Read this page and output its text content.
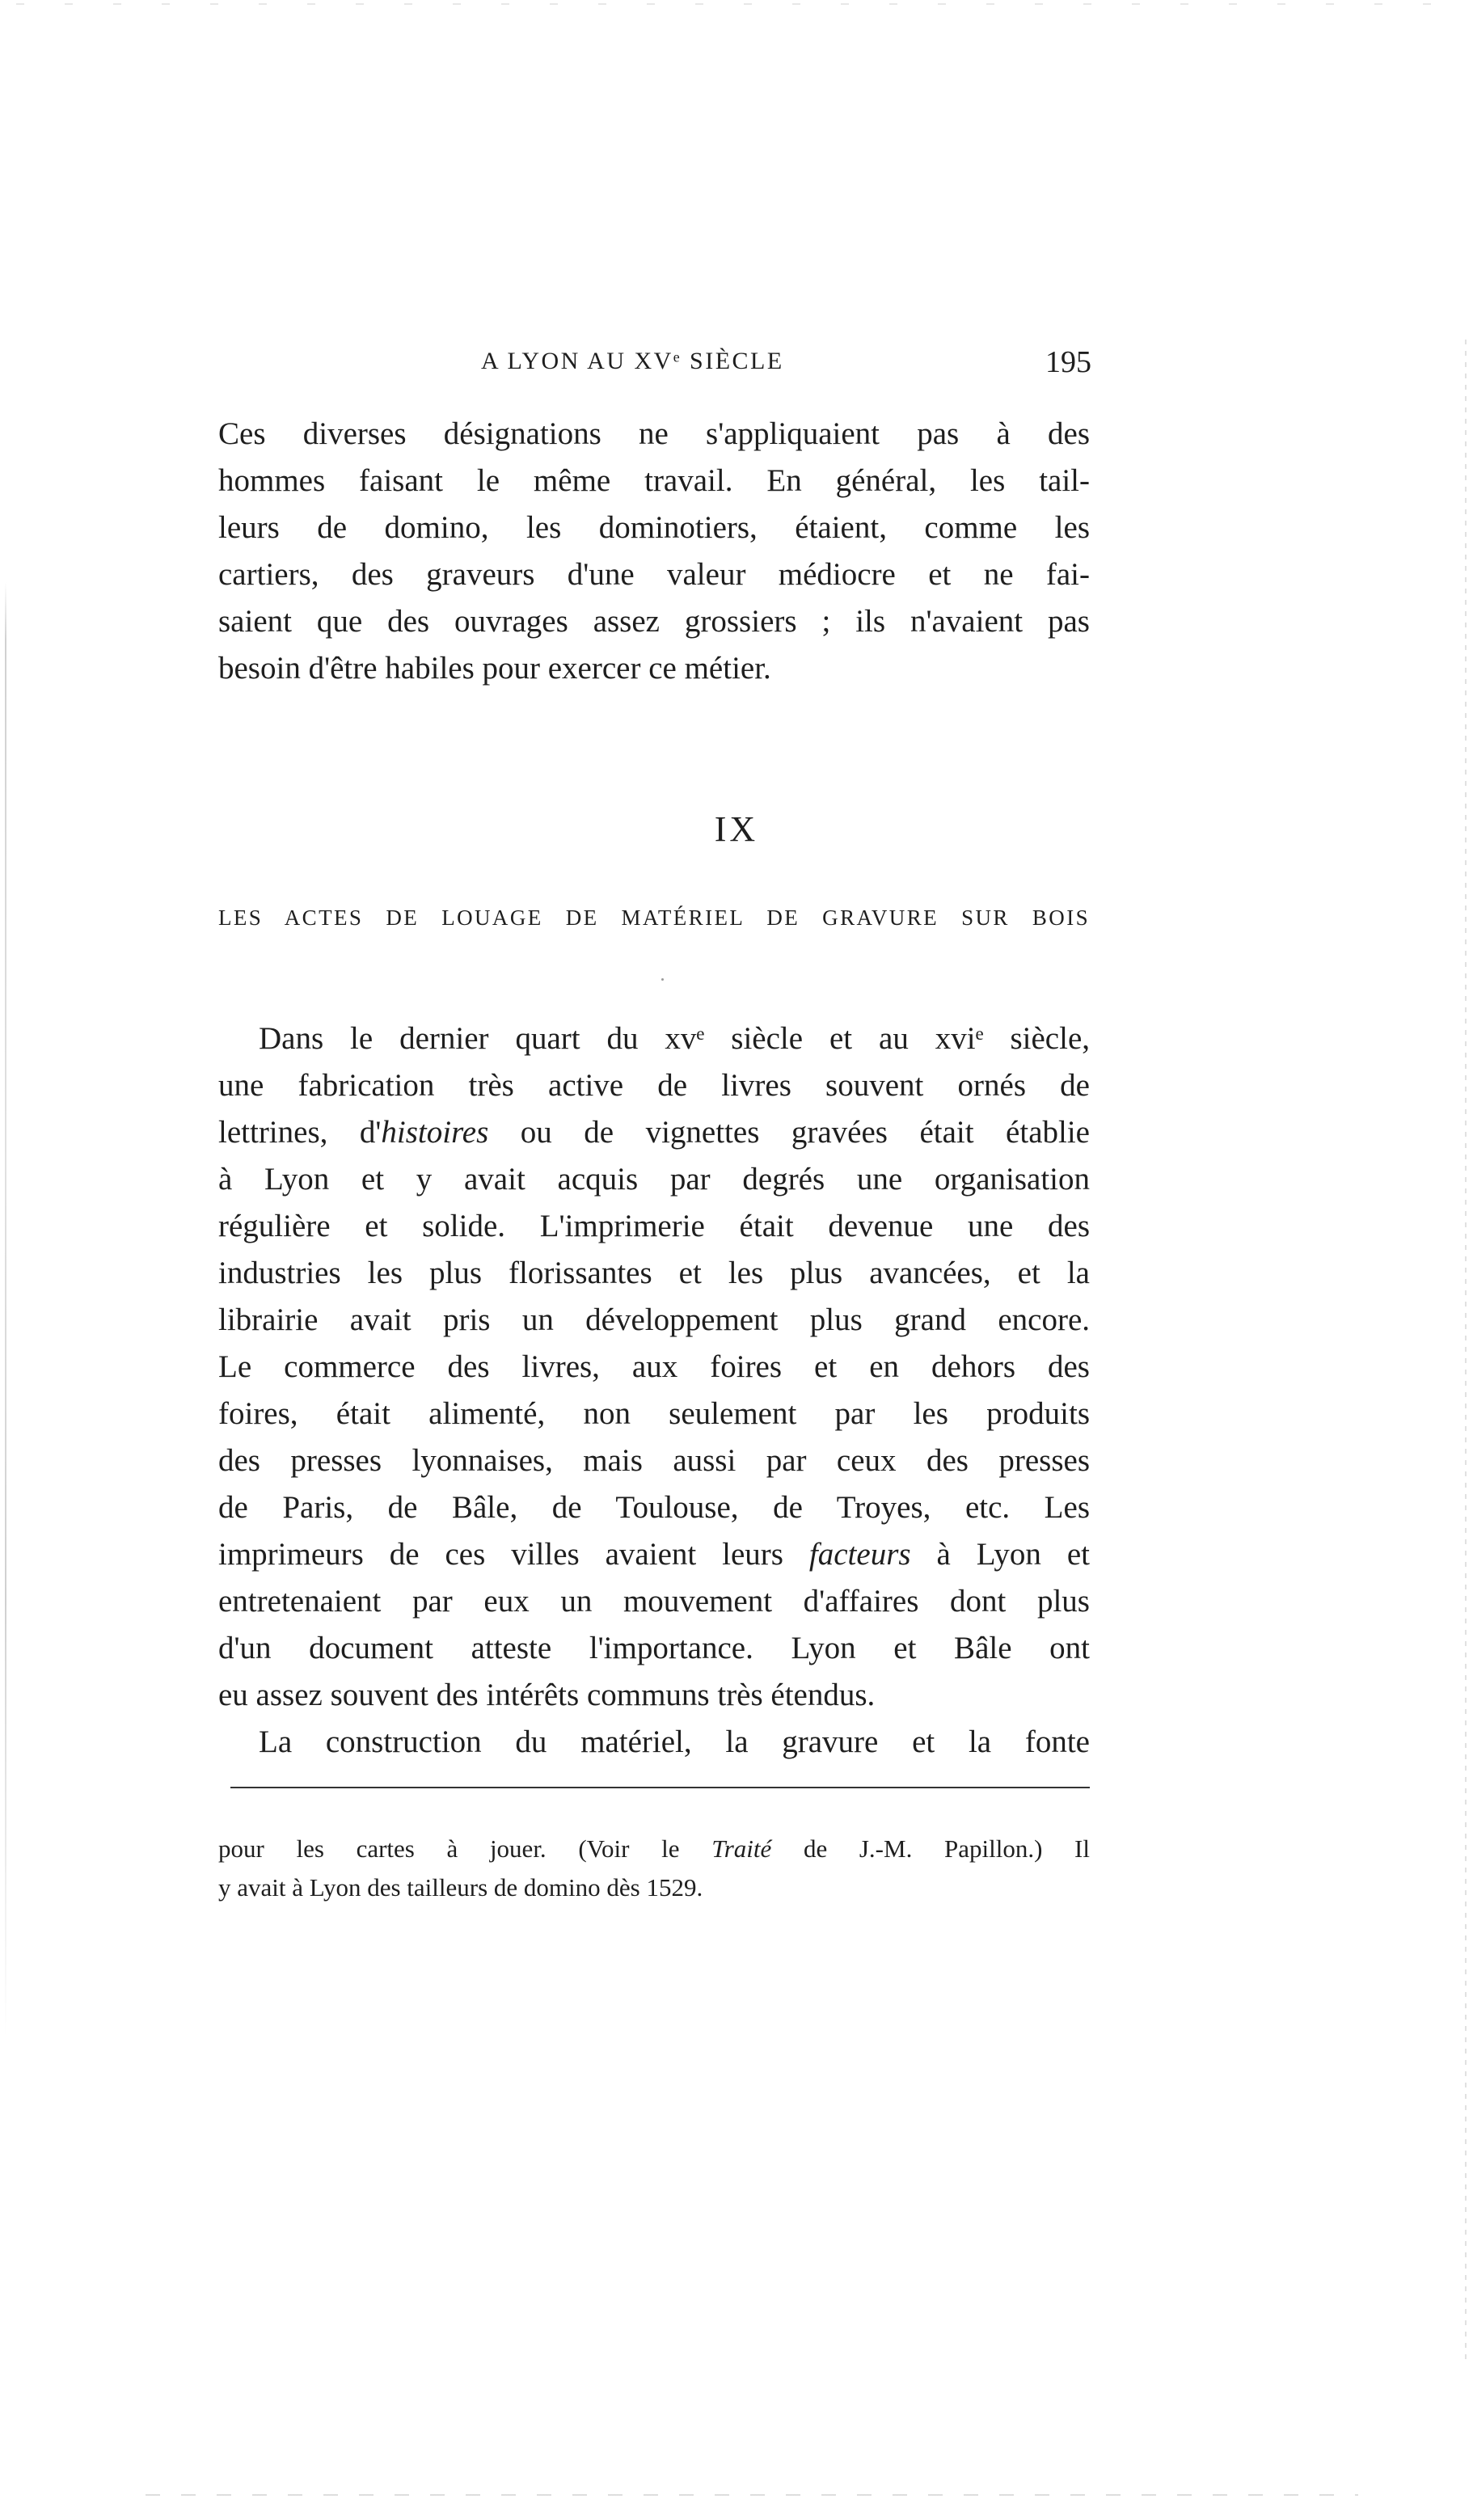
A LYON AU XVᵉ SIÈCLE	195
Ces diverses désignations ne s'appliquaient pas à des
hommes faisant le même travail. En général, les tail-
leurs de domino, les dominotiers, étaient, comme les
cartiers, des graveurs d'une valeur médiocre et ne fai-
saient que des ouvrages assez grossiers ; ils n'avaient pas
besoin d'être habiles pour exercer ce métier.
IX
LES ACTES DE LOUAGE DE MATÉRIEL DE GRAVURE SUR BOIS
Dans le dernier quart du xvᵉ siècle et au xviᵉ siècle,
une fabrication très active de livres souvent ornés de
lettrines, d'histoires ou de vignettes gravées était établie
à Lyon et y avait acquis par degrés une organisation
régulière et solide. L'imprimerie était devenue une des
industries les plus florissantes et les plus avancées, et la
librairie avait pris un développement plus grand encore.
Le commerce des livres, aux foires et en dehors des
foires, était alimenté, non seulement par les produits
des presses lyonnaises, mais aussi par ceux des presses
de Paris, de Bâle, de Toulouse, de Troyes, etc. Les
imprimeurs de ces villes avaient leurs facteurs à Lyon et
entretenaient par eux un mouvement d'affaires dont plus
d'un document atteste l'importance. Lyon et Bâle ont
eu assez souvent des intérêts communs très étendus.
La construction du matériel, la gravure et la fonte
pour les cartes à jouer. (Voir le Traité de J.-M. Papillon.) Il
y avait à Lyon des tailleurs de domino dès 1529.
